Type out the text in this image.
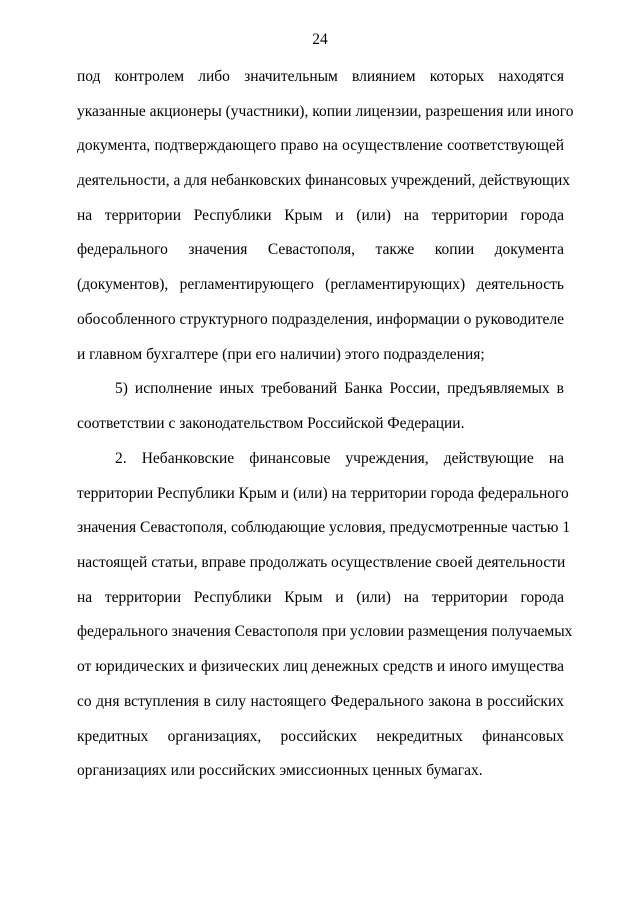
24
под контролем либо значительным влиянием которых находятся
указанные акционеры (участники), копии лицензии, разрешения или иного
документа, подтверждающего право на осуществление соответствующей
деятельности, а для небанковских финансовых учреждений, действующих
на территории Республики Крым и (или) на территории города
федерального значения Севастополя, также копии документа
(документов), регламентирующего (регламентирующих) деятельность
обособленного структурного подразделения, информации о руководителе
и главном бухгалтере (при его наличии) этого подразделения;
5) исполнение иных требований Банка России, предъявляемых в
соответствии с законодательством Российской Федерации.
2. Небанковские финансовые учреждения, действующие на
территории Республики Крым и (или) на территории города федерального
значения Севастополя, соблюдающие условия, предусмотренные частью 1
настоящей статьи, вправе продолжать осуществление своей деятельности
на территории Республики Крым и (или) на территории города
федерального значения Севастополя при условии размещения получаемых
от юридических и физических лиц денежных средств и иного имущества
со дня вступления в силу настоящего Федерального закона в российских
кредитных организациях, российских некредитных финансовых
организациях или российских эмиссионных ценных бумагах.
